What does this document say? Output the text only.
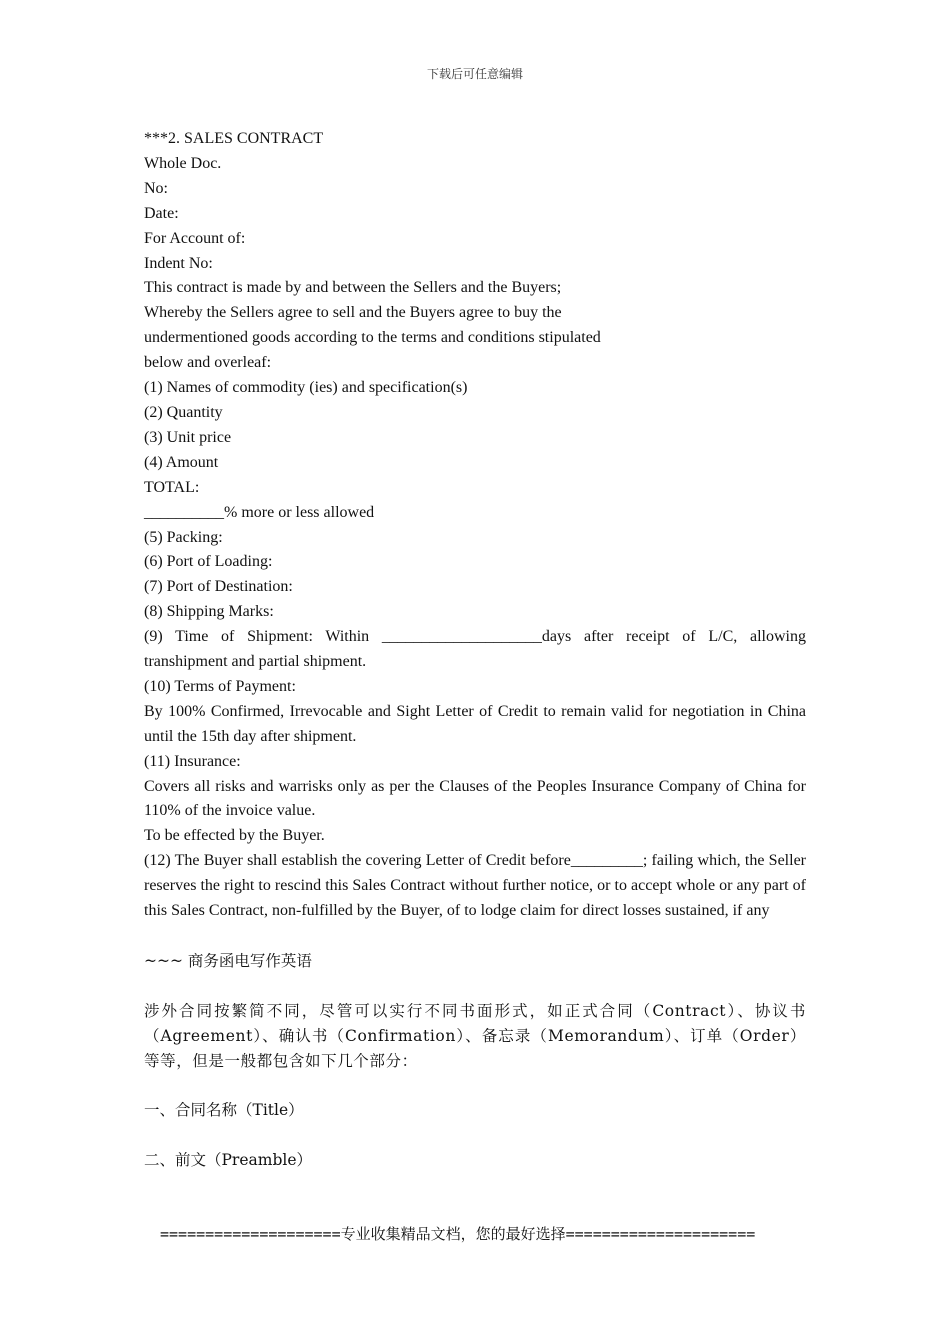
下载后可任意编辑
***2. SALES CONTRACT
Whole Doc.
No:
Date:
For Account of:
Indent No:
This contract is made by and between the Sellers and the Buyers;
Whereby the Sellers agree to sell and the Buyers agree to buy the
undermentioned goods according to the terms and conditions stipulated
below and overleaf:
(1) Names of commodity (ies) and specification(s)
(2) Quantity
(3) Unit price
(4) Amount
TOTAL:
__________% more or less allowed
(5) Packing:
(6) Port of Loading:
(7) Port of Destination:
(8) Shipping Marks:
(9) Time of Shipment: Within ____________________days after receipt of L/C, allowing transhipment and partial shipment.
(10) Terms of Payment:
By 100% Confirmed, Irrevocable and Sight Letter of Credit to remain valid for negotiation in China until the 15th day after shipment.
(11) Insurance:
Covers all risks and warrisks only as per the Clauses of the Peoples Insurance Company of China for 110% of the invoice value.
To be effected by the Buyer.
(12) The Buyer shall establish the covering Letter of Credit before_________; failing which, the Seller reserves the right to rescind this Sales Contract without further notice, or to accept whole or any part of this Sales Contract, non-fulfilled by the Buyer, of to lodge claim for direct losses sustained, if any
~~~ 商务函电写作英语
涉外合同按繁简不同，尽管可以实行不同书面形式，如正式合同（Contract）、协议书（Agreement）、确认书（Confirmation）、备忘录（Memorandum）、订单（Order）等等，但是一般都包含如下几个部分：
一、合同名称（Title）
二、前文（Preamble）
====================专业收集精品文档，您的最好选择=====================
